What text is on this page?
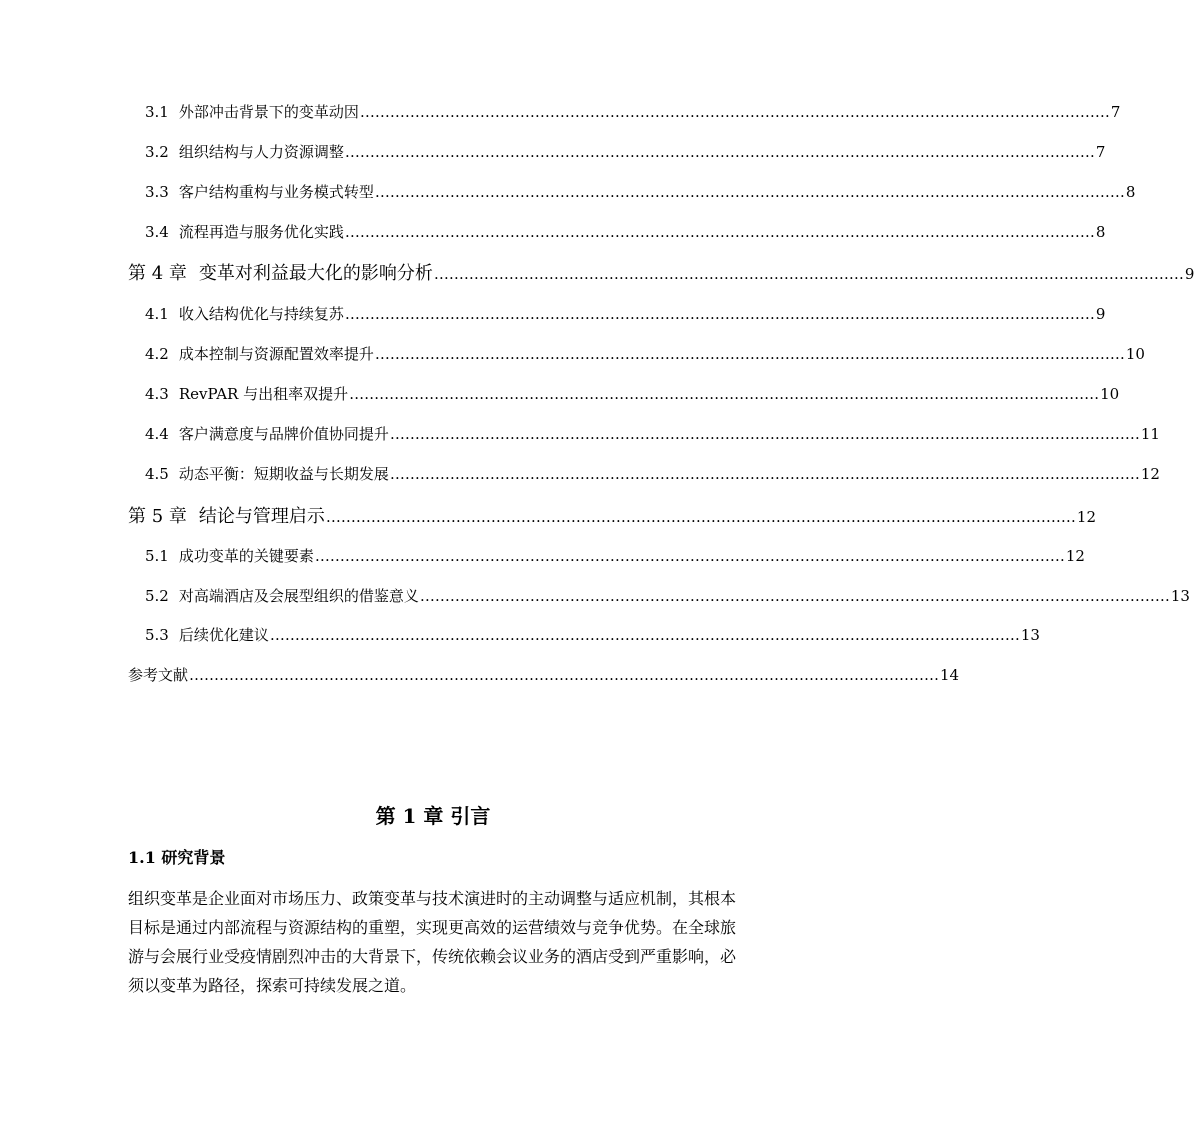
3.1 外部冲击背景下的变革动因 …………………………………………………………………………………………………………………………………… 7
3.2 组织结构与人力资源调整 …………………………………………………………………………………………………………………………………… 7
3.3 客户结构重构与业务模式转型 …………………………………………………………………………………………………………………………………… 8
3.4 流程再造与服务优化实践 …………………………………………………………………………………………………………………………………… 8
第 4 章 变革对利益最大化的影响分析 …………………………………………………………………………………………………………………………………… 9
4.1 收入结构优化与持续复苏 …………………………………………………………………………………………………………………………………… 9
4.2 成本控制与资源配置效率提升 …………………………………………………………………………………………………………………………………… 10
4.3 RevPAR 与出租率双提升 …………………………………………………………………………………………………………………………………… 10
4.4 客户满意度与品牌价值协同提升 …………………………………………………………………………………………………………………………………… 11
4.5 动态平衡：短期收益与长期发展 …………………………………………………………………………………………………………………………………… 12
第 5 章 结论与管理启示 …………………………………………………………………………………………………………………………………… 12
5.1 成功变革的关键要素 …………………………………………………………………………………………………………………………………… 12
5.2 对高端酒店及会展型组织的借鉴意义 …………………………………………………………………………………………………………………………………… 13
5.3 后续优化建议 …………………………………………………………………………………………………………………………………… 13
参考文献 …………………………………………………………………………………………………………………………………… 14
第 1 章 引言
1.1 研究背景

组织变革是企业面对市场压力、政策变革与技术演进时的主动调整与适应机制，其根本目标是通过内部流程与资源结构的重塑，实现更高效的运营绩效与竞争优势。在全球旅游与会展行业受疫情剧烈冲击的大背景下，传统依赖会议业务的酒店受到严重影响，必须以变革为路径，探索可持续发展之道。
